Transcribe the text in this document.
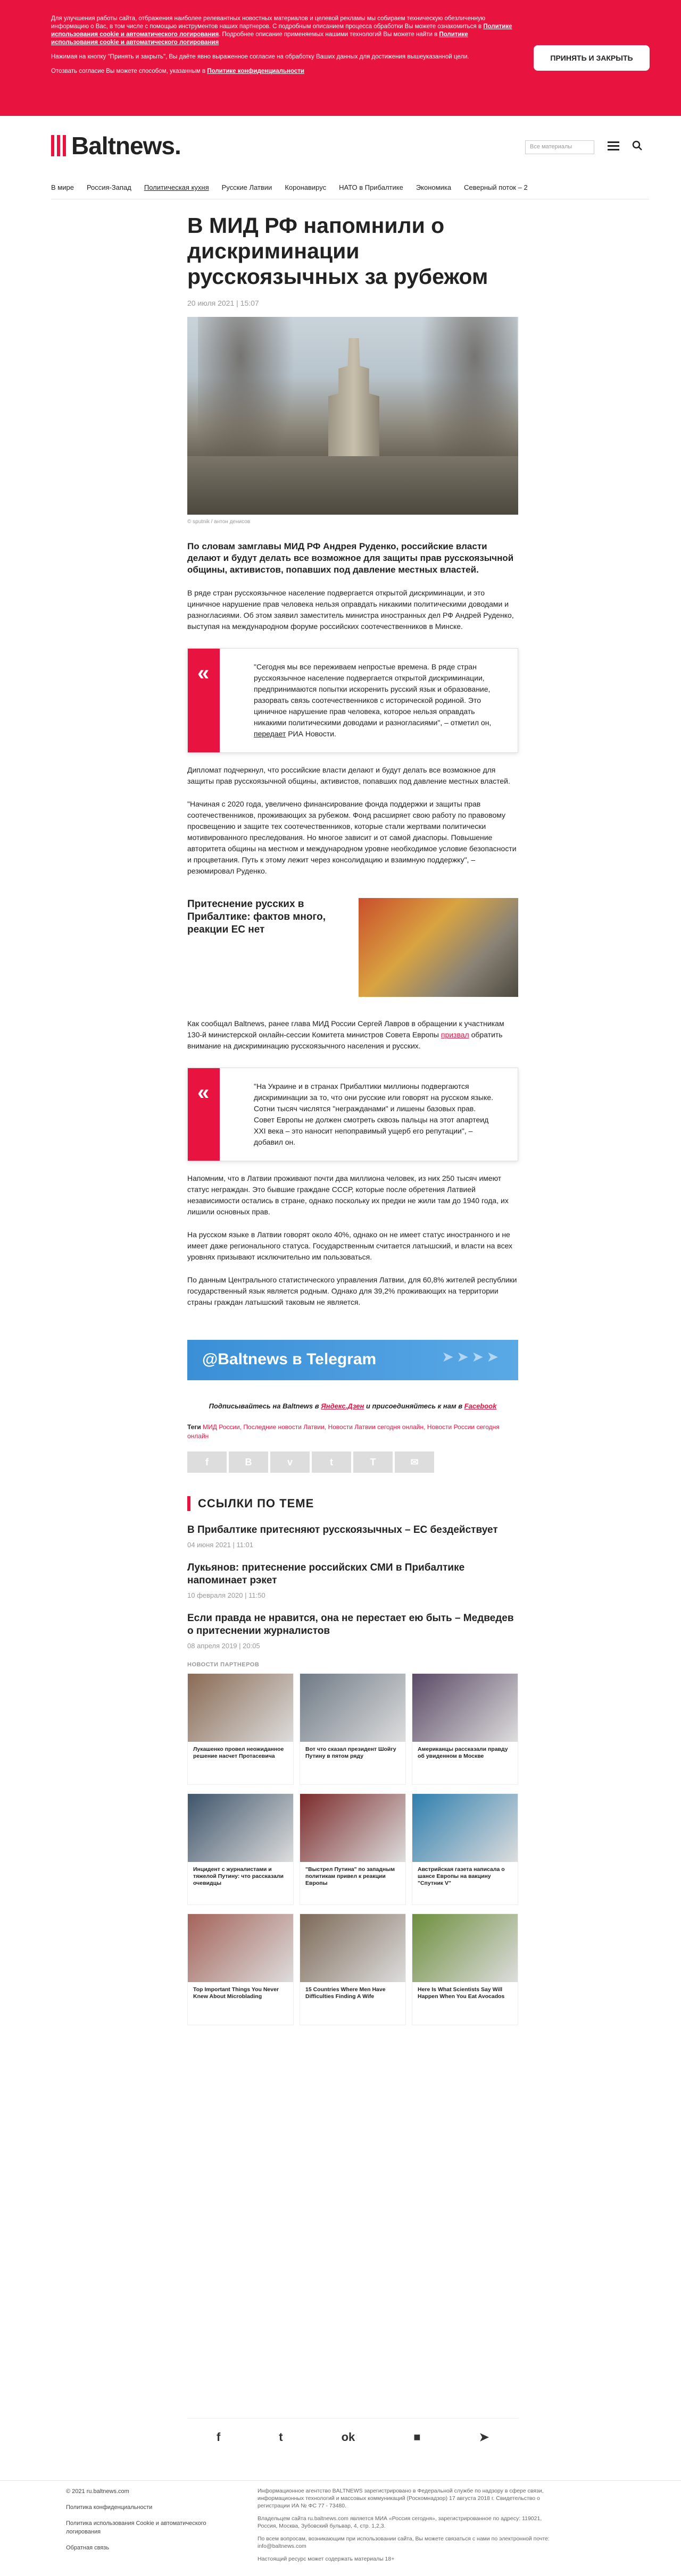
Для улучшения работы сайта, отбражения наиболее релевантных новостных материалов и целевой рекламы мы собираем техническую обезличенную информацию о Вас, в том числе с помощью инструментов наших партнеров. С подробным описанием процесса обработки Вы можете ознакомиться в Политике использования cookie и автоматического логирования. Подробнее описание применяемых нашими технологий Вы можете найти в Политике использования cookie и автоматического логирования

Нажимая на кнопку "Принять и закрыть", Вы даёте явно выраженное согласие на обработку Ваших данных для достижения вышеуказанной цели.

Отозвать согласие Вы можете способом, указанным в Политике конфиденциальности

ПРИНЯТЬ И ЗАКРЫТЬ
Baltnews.	Все материалы
В мире Россия-Запад Политическая кухня Русские Латвии Коронавирус НАТО в Прибалтике Экономика Северный поток – 2
В МИД РФ напомнили о дискриминации русскоязычных за рубежом
20 июля 2021 | 15:07
© sputnik / антон денисов
По словам замглавы МИД РФ Андрея Руденко, российские власти делают и будут делать все возможное для защиты прав русскоязычной общины, активистов, попавших под давление местных властей.
В ряде стран русскоязычное население подвергается открытой дискриминации, и это циничное нарушение прав человека нельзя оправдать никакими политическими доводами и разногласиями. Об этом заявил заместитель министра иностранных дел РФ Андрей Руденко, выступая на международном форуме российских соотечественников в Минске.
«	"Сегодня мы все переживаем непростые времена. В ряде стран русскоязычное население подвергается открытой дискриминации, предпринимаются попытки искоренить русский язык и образование, разорвать связь соотечественников с исторической родиной. Это циничное нарушение прав человека, которое нельзя оправдать никакими политическими доводами и разногласиями", – отметил он, передает РИА Новости.
Дипломат подчеркнул, что российские власти делают и будут делать все возможное для защиты прав русскоязычной общины, активистов, попавших под давление местных властей.
"Начиная с 2020 года, увеличено финансирование фонда поддержки и защиты прав соотечественников, проживающих за рубежом. Фонд расширяет свою работу по правовому просвещению и защите тех соотечественников, которые стали жертвами политически мотивированного преследования. Но многое зависит и от самой диаспоры. Повышение авторитета общины на местном и международном уровне необходимое условие безопасности и процветания. Путь к этому лежит через консолидацию и взаимную поддержку", – резюмировал Руденко.
Притеснение русских в Прибалтике: фактов много, реакции ЕС нет
Как сообщал Baltnews, ранее глава МИД России Сергей Лавров в обращении к участникам 130-й министерской онлайн-сессии Комитета министров Совета Европы призвал обратить внимание на дискриминацию русскоязычного населения и русских.
«	"На Украине и в странах Прибалтики миллионы подвергаются дискриминации за то, что они русские или говорят на русском языке. Сотни тысяч числятся "негражданами" и лишены базовых прав. Совет Европы не должен смотреть сквозь пальцы на этот апартеид XXI века – это наносит непоправимый ущерб его репутации", – добавил он.
Напомним, что в Латвии проживают почти два миллиона человек, из них 250 тысяч имеют статус неграждан. Это бывшие граждане СССР, которые после обретения Латвией независимости остались в стране, однако поскольку их предки не жили там до 1940 года, их лишили основных прав.
На русском языке в Латвии говорят около 40%, однако он не имеет статус иностранного и не имеет даже регионального статуса. Государственным считается латышский, и власти на всех уровнях призывают исключительно им пользоваться.
По данным Центрального статистического управления Латвии, для 60,8% жителей республики государственный язык является родным. Однако для 39,2% проживающих на территории страны граждан латышский таковым не является.
@Baltnews в Telegram	➤➤➤➤
Подписывайтесь на Baltnews в Яндекс.Дзен и присоединяйтесь к нам в Facebook
Теги МИД России, Последние новости Латвии, Новости Латвии сегодня онлайн, Новости России сегодня онлайн
f	В	v	t	Т	✉
ССЫЛКИ ПО ТЕМЕ
В Прибалтике притесняют русскоязычных – ЕС бездействует
04 июня 2021 | 11:01
Лукьянов: притеснение российских СМИ в Прибалтике напоминает рэкет
10 февраля 2020 | 11:50
Если правда не нравится, она не перестает ею быть – Медведев о притеснении журналистов
08 апреля 2019 | 20:05
НОВОСТИ ПАРТНЕРОВ
Лукашенко провел неожиданное решение насчет Протасевича
Вот что сказал президент Шойгу Путину в пятом ряду
Американцы рассказали правду об увиденном в Москве
Инцидент с журналистами и тяжелой Путину: что рассказали очевидцы
"Выстрел Путина" по западным политикам привел к реакции Европы
Австрийская газета написала о шансе Европы на вакцину "Спутник V"
Top Important Things You Never Knew About Microblading
15 Countries Where Men Have Difficulties Finding A Wife
Here Is What Scientists Say Will Happen When You Eat Avocados
f	t	ok	■	➤
© 2021 ru.baltnews.com
Политика конфиденциальности
Политика использования Cookie и автоматического логирования
Обратная связь

Информационное агентство BALTNEWS зарегистрировано в Федеральной службе по надзору в сфере связи, информационных технологий и массовых коммуникаций (Роскомнадзор) 17 августа 2018 г. Свидетельство о регистрации ИА № ФС 77 - 73480.

Владельцем сайта ru.baltnews.com является МИА «Россия сегодня», зарегистрированное по адресу: 119021, Россия, Москва, Зубовский бульвар, 4, стр. 1,2,3.

По всем вопросам, возникающим при использовании сайта, Вы можете связаться с нами по электронной почте: info@baltnews.com

Настоящий ресурс может содержать материалы 18+
